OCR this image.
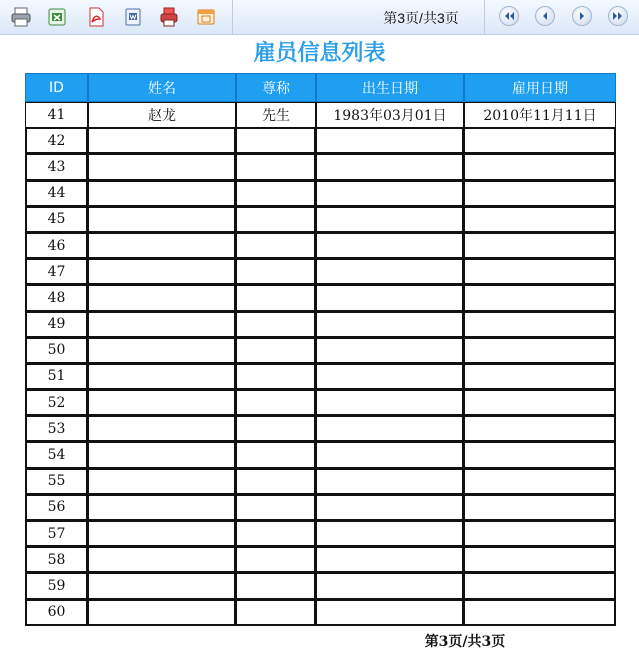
第3页/共3页
雇员信息列表
ID	姓名	尊称	出生日期	雇用日期
41	赵龙	先生	1983年03月01日	2010年11月11日
42				
43				
44				
45				
46				
47				
48				
49				
50				
51				
52				
53				
54				
55				
56				
57				
58				
59				
60				
第3页/共3页
